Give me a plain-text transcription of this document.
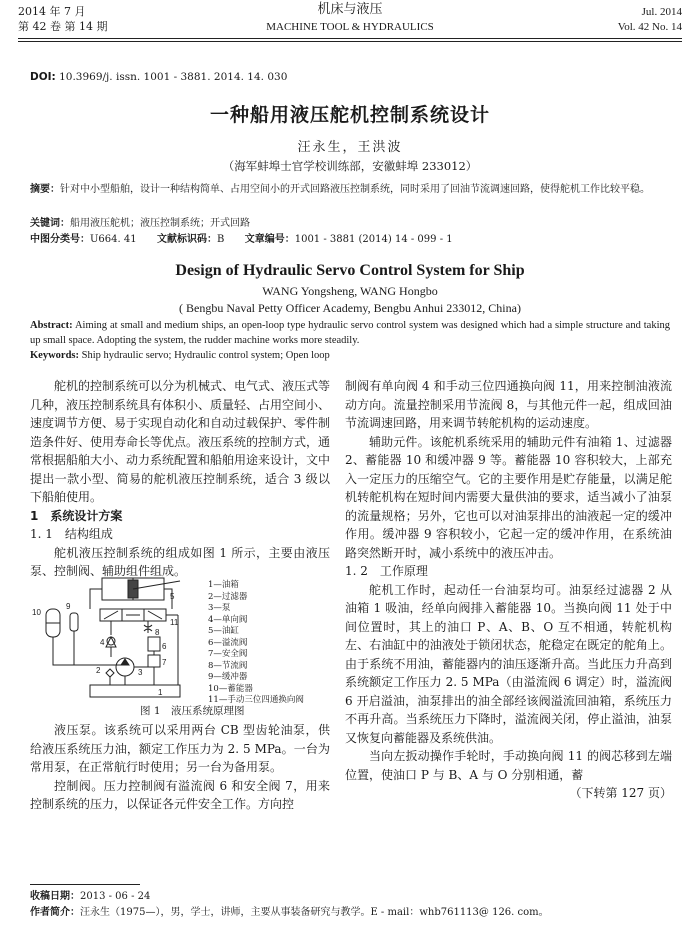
2014 年 7 月
第 42 卷 第 14 期
机床与液压
MACHINE TOOL & HYDRAULICS
Jul. 2014
Vol. 42 No. 14
DOI: 10.3969/j. issn. 1001 - 3881. 2014. 14. 030
一种船用液压舵机控制系统设计
汪永生，王洪波
（海军蚌埠士官学校训练部，安徽蚌埠 233012）
摘要：针对中小型船舶，设计一种结构简单、占用空间小的开式回路液压控制系统，同时采用了回油节流调速回路，使得舵机工作比较平稳。
关键词：船用液压舵机；液压控制系统；开式回路
中图分类号：U664. 41 文献标识码：B 文章编号：1001 - 3881 (2014) 14 - 099 - 1
Design of Hydraulic Servo Control System for Ship
WANG Yongsheng, WANG Hongbo
( Bengbu Naval Petty Officer Academy, Bengbu Anhui 233012, China)
Abstract: Aiming at small and medium ships, an open-loop type hydraulic servo control system was designed which had a simple structure and taking up small space. Adopting the system, the rudder machine works more steadily.
Keywords: Ship hydraulic servo; Hydraulic control system; Open loop

舵机的控制系统可以分为机械式、电气式、液压式等几种，液压控制系统具有体积小、质量轻、占用空间小、速度调节方便、易于实现自动化和自动过载保护、零件制造条件好、使用寿命长等优点。液压系统的控制方式，通常根据船舶大小、动力系统配置和船舶用途来设计，文中提出一款小型、简易的舵机液压控制系统，适合 3 级以下船舶使用。

1　系统设计方案
1. 1　结构组成

舵机液压控制系统的组成如图 1 所示，主要由液压泵、控制阀、辅助组件组成。

5
10
9
11
8
4
7
6
3
2
1
1—油箱
2—过滤器
3—泵
4—单向阀
5—油缸
6—溢流阀
7—安全阀
8—节流阀
9—缓冲器
10—蓄能器
11—手动三位四通换向阀
图 1　液压系统原理图

液压泵。该系统可以采用两台 CB 型齿轮油泵，供给液压系统压力油，额定工作压力为 2. 5 MPa。一台为常用泵，在正常航行时使用；另一台为备用泵。

控制阀。压力控制阀有溢流阀 6 和安全阀 7，用来控制系统的压力，以保证各元件安全工作。方向控

制阀有单向阀 4 和手动三位四通换向阀 11，用来控制油液流动方向。流量控制采用节流阀 8，与其他元件一起，组成回油节流调速回路，用来调节转舵机构的运动速度。

辅助元件。该舵机系统采用的辅助元件有油箱 1、过滤器 2、蓄能器 10 和缓冲器 9 等。蓄能器 10 容积较大，上部充入一定压力的压缩空气。它的主要作用是贮存能量，以满足舵机转舵机构在短时间内需要大量供油的要求，适当减小了油泵的流量规格；另外，它也可以对油泵排出的油液起一定的缓冲作用。缓冲器 9 容积较小，它起一定的缓冲作用，在系统油路突然断开时，减小系统中的液压冲击。

1. 2　工作原理

舵机工作时，起动任一台油泵均可。油泵经过滤器 2 从油箱 1 吸油，经单向阀排入蓄能器 10。当换向阀 11 处于中间位置时，其上的油口 P、A、B、O 互不相通，转舵机构左、右油缸中的油液处于锁闭状态，舵稳定在既定的舵角上。由于系统不用油，蓄能器内的油压逐渐升高。当此压力升高到系统额定工作压力 2. 5 MPa（由溢流阀 6 调定）时，溢流阀 6 开启溢油，油泵排出的油全部经该阀溢流回油箱，系统压力不再升高。当系统压力下降时，溢流阀关闭，停止溢油，油泵又恢复向蓄能器及系统供油。

当向左扳动操作手轮时，手动换向阀 11 的阀芯移到左端位置，使油口 P 与 B、A 与 O 分别相通，蓄

（下转第 127 页）
收稿日期：2013 - 06 - 24
作者简介：汪永生（1975—），男，学士，讲师，主要从事装备研究与教学。E - mail：whb761113@ 126. com。
